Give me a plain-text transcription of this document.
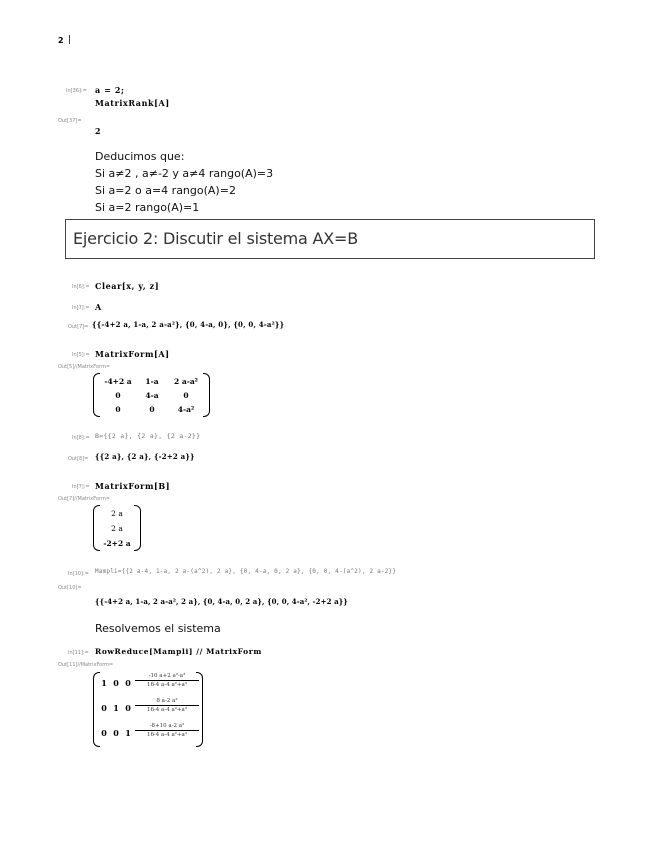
2 |
In[36]:= a = 2;
MatrixRank[A]
Out[37]=
2
Deducimos que:
Si a≠2 , a≠-2 y a≠4 rango(A)=3
Si a=2 o a=4 rango(A)=2
Si a=2 rango(A)=1
Ejercicio 2: Discutir el sistema AX=B
In[6]:= Clear[x, y, z]
In[7]:= A
Out[7]= {{-4+2 a, 1-a, 2 a-a²}, {0, 4-a, 0}, {0, 0, 4-a²}}
In[5]:= MatrixForm[A]
Out[5]//MatrixForm=
-4+2 a	1-a	2 a-a²
0	4-a	0
0	0	4-a²
In[8]:= B={{2 a}, {2 a}, {2 a-2}}
Out[8]= {{2 a}, {2 a}, {-2+2 a}}
In[7]:= MatrixForm[B]
Out[7]//MatrixForm=
2 a
2 a
-2+2 a
In[10]:= Mampli={{2 a-4, 1-a, 2 a-(a^2), 2 a}, {0, 4-a, 0, 2 a}, {0, 0, 4-(a^2), 2 a-2}}
Out[10]=
{{-4+2 a, 1-a, 2 a-a², 2 a}, {0, 4-a, 0, 2 a}, {0, 0, 4-a², -2+2 a}}
Resolvemos el sistema
In[11]:= RowReduce[Mampli] // MatrixForm
Out[11]//MatrixForm=
1 0 $0 \frac{\text{-10 a+2 a²-a³}}{\text{16-4 a-4 a²+a³}}$
0 1 $0 \frac{\text{8 a-2 a²}}{\text{16-4 a-4 a²+a³}}$
0 0 $1 \frac{\text{-8+10 a-2 a²}}{\text{16-4 a-4 a²+a³}}$
